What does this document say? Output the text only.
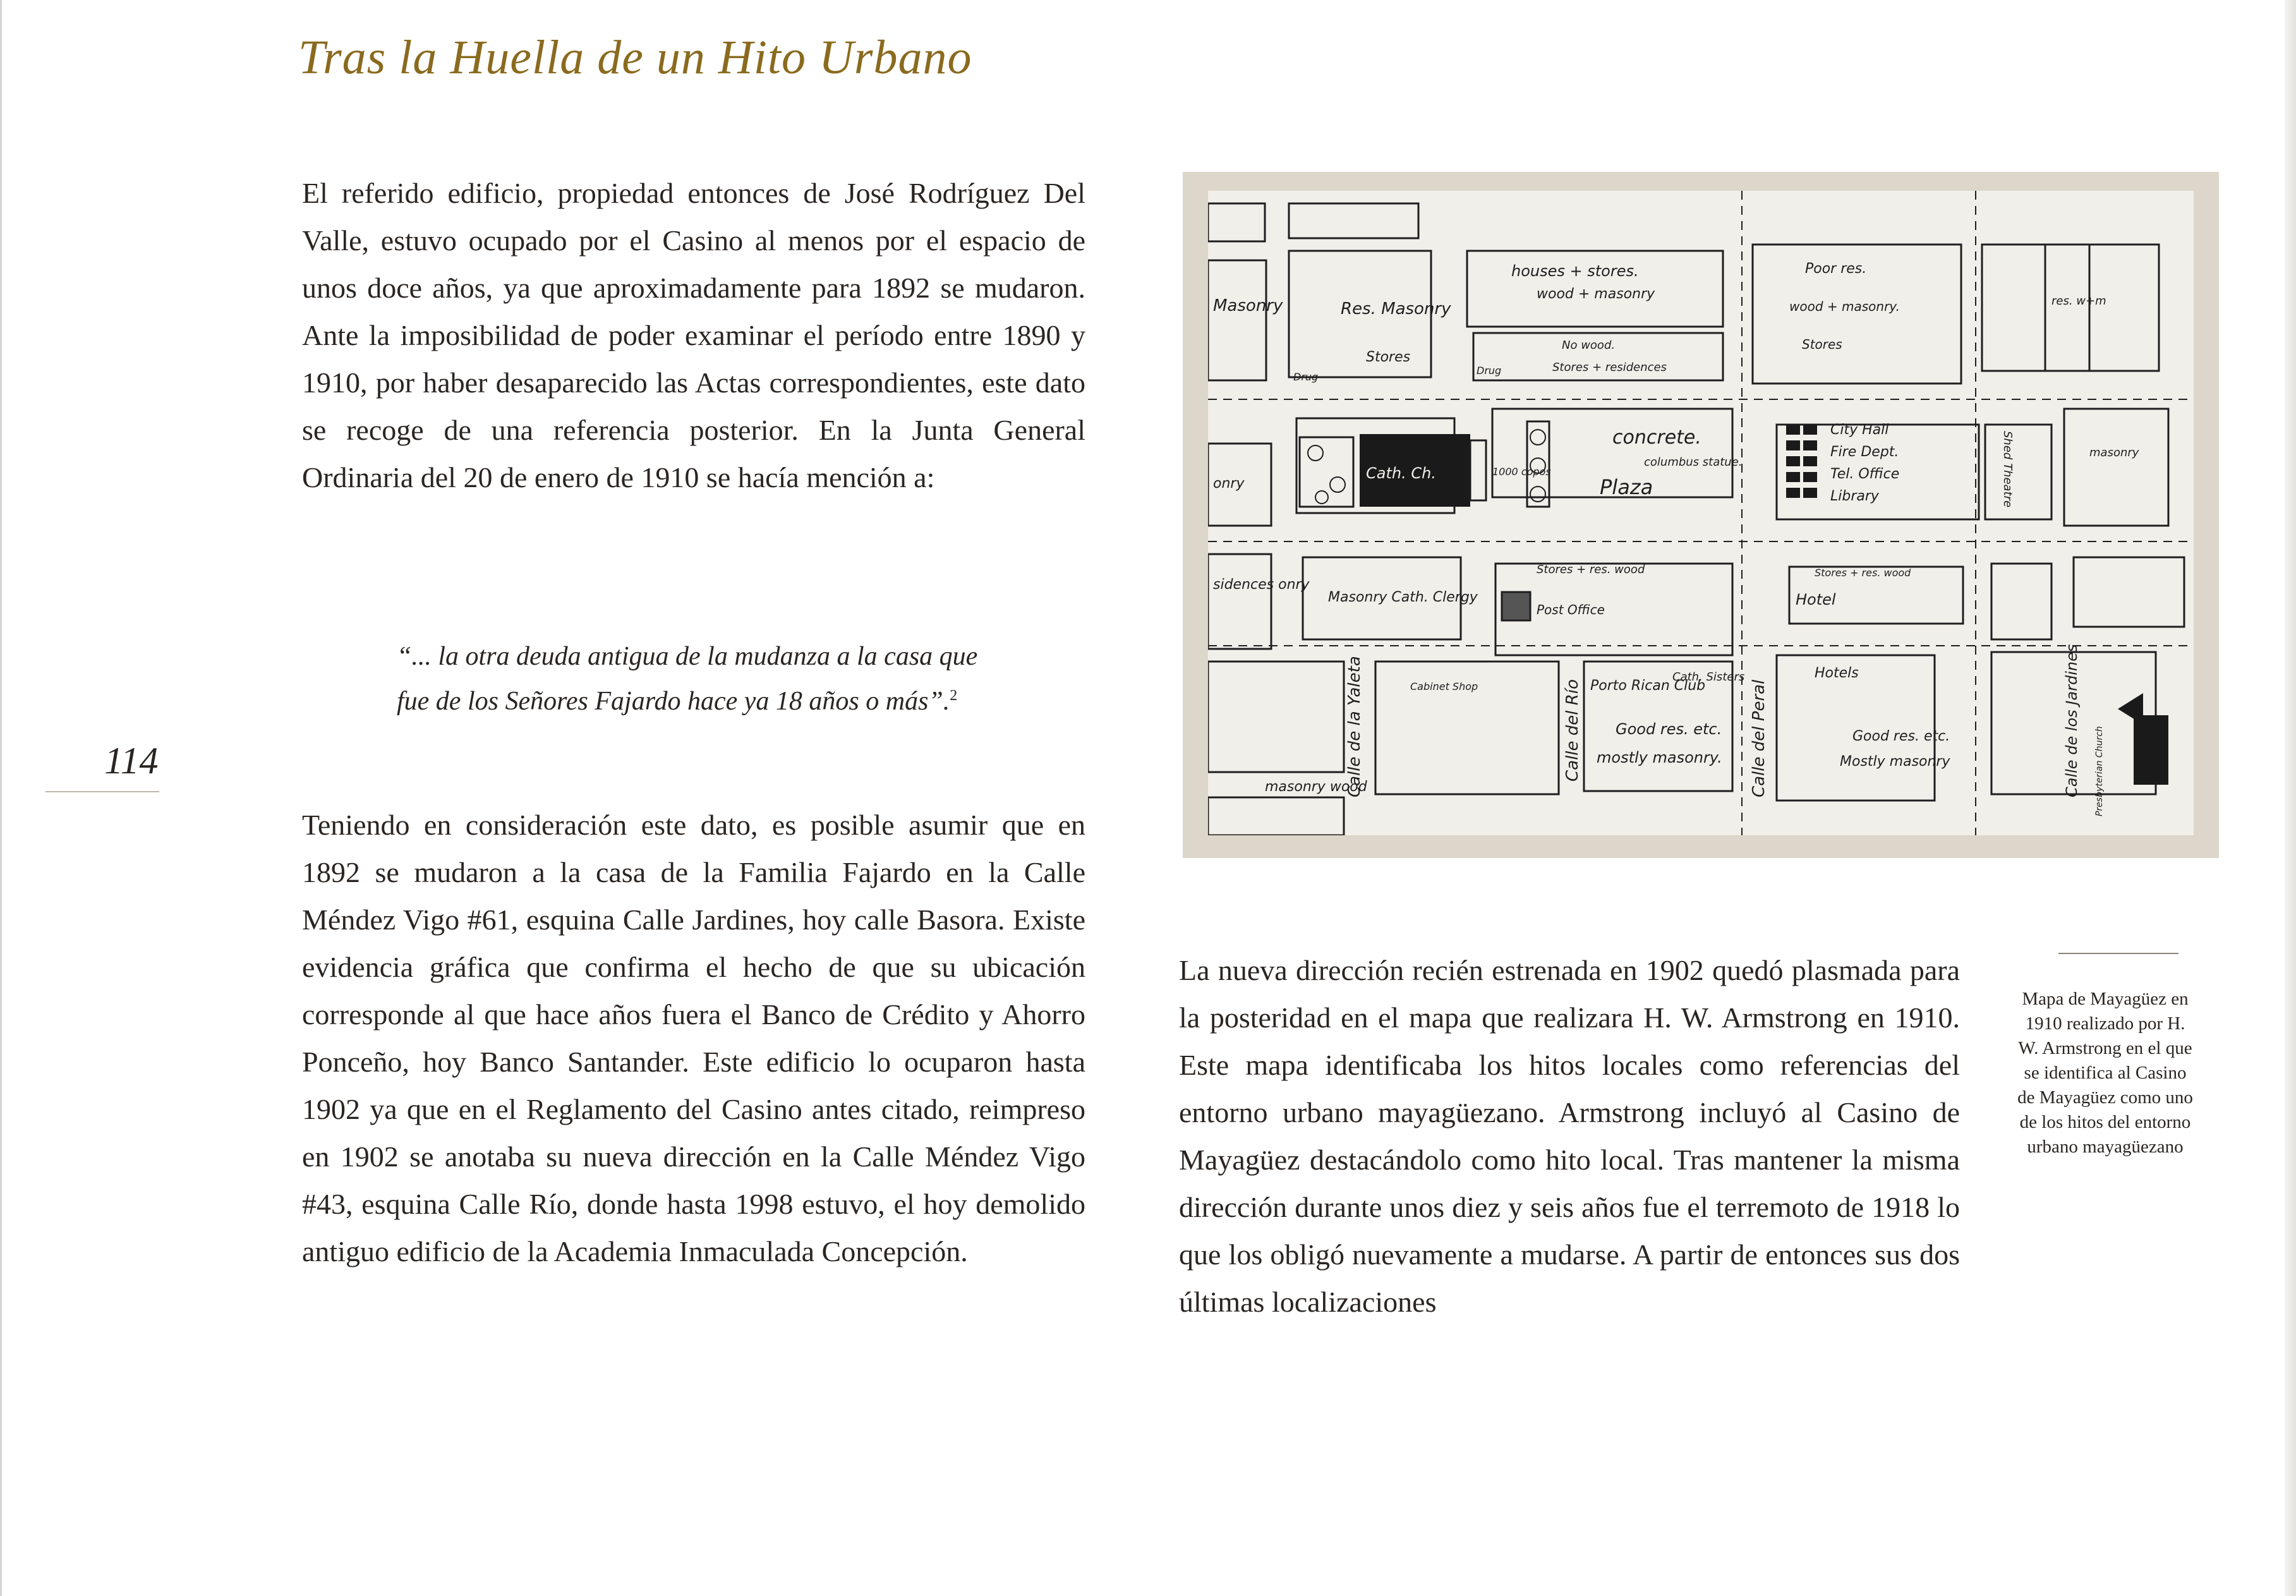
Tras la Huella de un Hito Urbano
114

El referido edificio, propiedad entonces de José Rodríguez Del Valle, estuvo ocupado por el Casino al menos por el espacio de unos doce años, ya que aproximadamente para 1892 se mudaron. Ante la imposibilidad de poder examinar el período entre 1890 y 1910, por haber desaparecido las Actas correspondientes, este dato se recoge de una referencia posterior. En la Junta General Ordinaria del 20 de enero de 1910 se hacía mención a:

“... la otra deuda antigua de la mudanza a la casa que fue de los Señores Fajardo hace ya 18 años o más”.$^2$

Teniendo en consideración este dato, es posible asumir que en 1892 se mudaron a la casa de la Familia Fajardo en la Calle Méndez Vigo #61, esquina Calle Jardines, hoy calle Basora. Existe evidencia gráfica que confirma el hecho de que su ubicación corresponde al que hace años fuera el Banco de Crédito y Ahorro Ponceño, hoy Banco Santander. Este edificio lo ocuparon hasta 1902 ya que en el Reglamento del Casino antes citado, reimpreso en 1902 se anotaba su nueva dirección en la Calle Méndez Vigo #43, esquina Calle Río, donde hasta 1998 estuvo, el hoy demolido antiguo edificio de la Academia Inmaculada Concepción.

Masonry	Res. Masonry
Stores
Drug
houses + stores.
wood + masonry
No wood.
Stores + residences
Drug
Poor res.
wood + masonry.
Stores
res. w+m
onry
Cath. Ch.	1000 copos
concrete.
columbus statue.
Plaza
City Hall
Fire Dept.
Tel. Office
Library	Shed Theatre	masonry
Stores + res. wood
Post Office
Masonry Cath. Clergy
sidences onry
Hotel
Stores + res. wood
Calle de la Yaleta	Cabinet Shop	Calle del Río Porto Rican Club
Cath. Sisters
Good res. etc.
mostly masonry. Calle del Peral
Hotels
Good res. etc.
Mostly masonry	Calle de los Jardines Presbyterian Church
masonry wood

La nueva dirección recién estrenada en 1902 quedó plasmada para la posteridad en el mapa que realizara H. W. Armstrong en 1910. Este mapa identificaba los hitos locales como referencias del entorno urbano mayagüezano. Armstrong incluyó al Casino de Mayagüez destacándolo como hito local. Tras mantener la misma dirección durante unos diez y seis años fue el terremoto de 1918 lo que los obligó nuevamente a mudarse. A partir de entonces sus dos últimas localizaciones

Mapa de Mayagüez en 1910 realizado por H. W. Armstrong en el que se identifica al Casino de Mayagüez como uno de los hitos del entorno urbano mayagüezano
